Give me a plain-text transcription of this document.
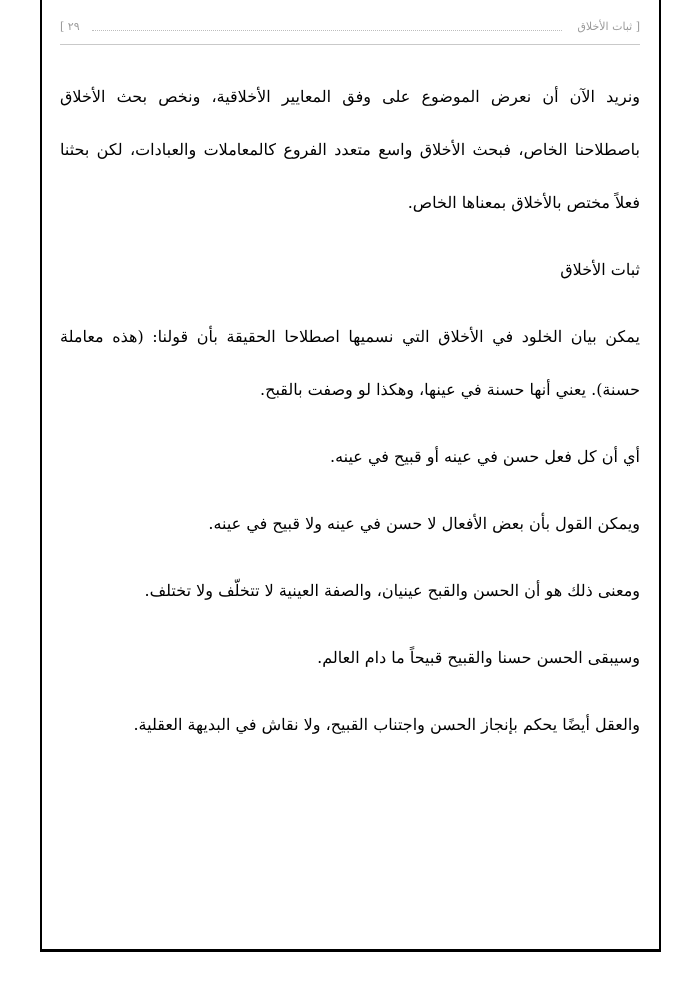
[ ثبات الأخلاق
٢٩ ]

ونريد الآن أن نعرض الموضوع على وفق المعايير الأخلاقية، ونخص بحث الأخلاق باصطلاحنا الخاص، فبحث الأخلاق واسع متعدد الفروع كالمعاملات والعبادات، لكن بحثنا فعلاً مختص بالأخلاق بمعناها الخاص.

ثبات الأخلاق

يمكن بيان الخلود في الأخلاق التي نسميها اصطلاحا الحقيقة بأن قولنا: (هذه معاملة حسنة). يعني أنها حسنة في عينها، وهكذا لو وصفت بالقبح.

أي أن كل فعل حسن في عينه أو قبيح في عينه.

ويمكن القول بأن بعض الأفعال لا حسن في عينه ولا قبيح في عينه.

ومعنى ذلك هو أن الحسن والقبح عينيان، والصفة العينية لا تتخلّف ولا تختلف.

وسيبقى الحسن حسنا والقبيح قبيحاً ما دام العالم.

والعقل أيضًا يحكم بإنجاز الحسن واجتناب القبيح، ولا نقاش في البديهة العقلية.
